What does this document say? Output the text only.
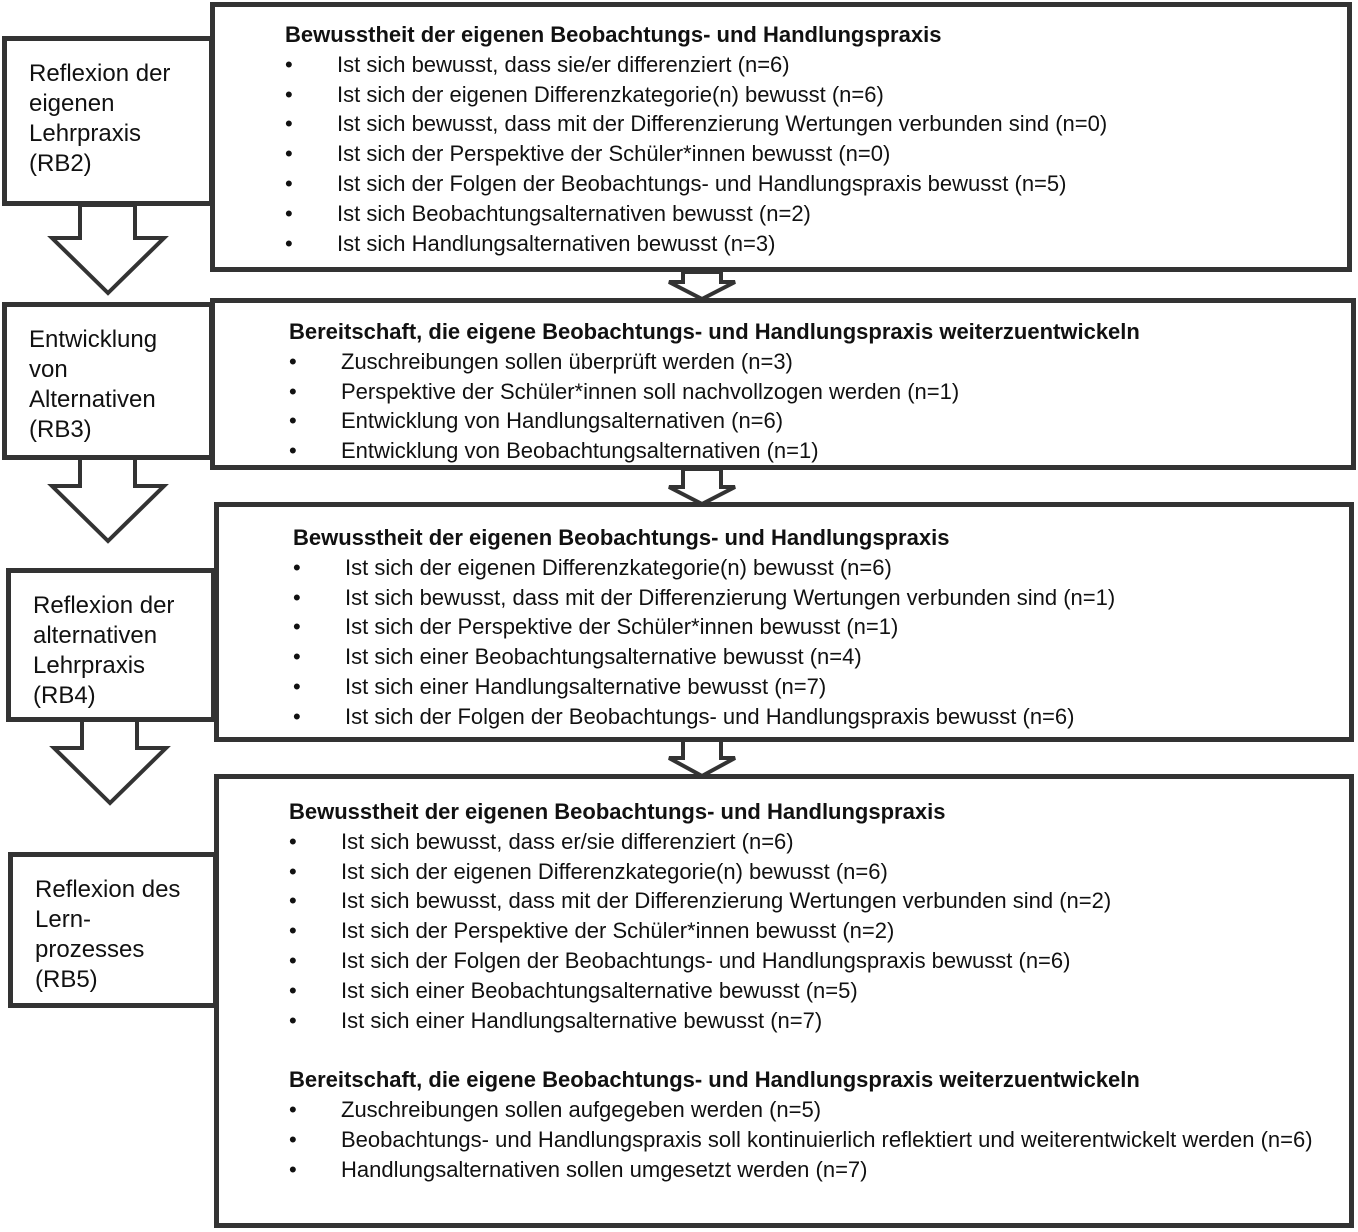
Reflexion der
eigenen
Lehrpraxis
(RB2)
Entwicklung
von
Alternativen
(RB3)
Reflexion der
alternativen
Lehrpraxis
(RB4)
Reflexion des
Lern-
prozesses
(RB5)
Bewusstheit der eigenen Beobachtungs- und Handlungspraxis
• Ist sich bewusst, dass sie/er differenziert (n=6)
• Ist sich der eigenen Differenzkategorie(n) bewusst (n=6)
• Ist sich bewusst, dass mit der Differenzierung Wertungen verbunden sind (n=0)
• Ist sich der Perspektive der Schüler*innen bewusst (n=0)
• Ist sich der Folgen der Beobachtungs- und Handlungspraxis bewusst (n=5)
• Ist sich Beobachtungsalternativen bewusst (n=2)
• Ist sich Handlungsalternativen bewusst (n=3)
Bereitschaft, die eigene Beobachtungs- und Handlungspraxis weiterzuentwickeln
• Zuschreibungen sollen überprüft werden (n=3)
• Perspektive der Schüler*innen soll nachvollzogen werden (n=1)
• Entwicklung von Handlungsalternativen (n=6)
• Entwicklung von Beobachtungsalternativen (n=1)
Bewusstheit der eigenen Beobachtungs- und Handlungspraxis
• Ist sich der eigenen Differenzkategorie(n) bewusst (n=6)
• Ist sich bewusst, dass mit der Differenzierung Wertungen verbunden sind (n=1)
• Ist sich der Perspektive der Schüler*innen bewusst (n=1)
• Ist sich einer Beobachtungsalternative bewusst (n=4)
• Ist sich einer Handlungsalternative bewusst (n=7)
• Ist sich der Folgen der Beobachtungs- und Handlungspraxis bewusst (n=6)
Bewusstheit der eigenen Beobachtungs- und Handlungspraxis
• Ist sich bewusst, dass er/sie differenziert (n=6)
• Ist sich der eigenen Differenzkategorie(n) bewusst (n=6)
• Ist sich bewusst, dass mit der Differenzierung Wertungen verbunden sind (n=2)
• Ist sich der Perspektive der Schüler*innen bewusst (n=2)
• Ist sich der Folgen der Beobachtungs- und Handlungspraxis bewusst (n=6)
• Ist sich einer Beobachtungsalternative bewusst (n=5)
• Ist sich einer Handlungsalternative bewusst (n=7)
Bereitschaft, die eigene Beobachtungs- und Handlungspraxis weiterzuentwickeln
• Zuschreibungen sollen aufgegeben werden (n=5)
• Beobachtungs- und Handlungspraxis soll kontinuierlich reflektiert und weiterentwickelt werden (n=6)
• Handlungsalternativen sollen umgesetzt werden (n=7)
